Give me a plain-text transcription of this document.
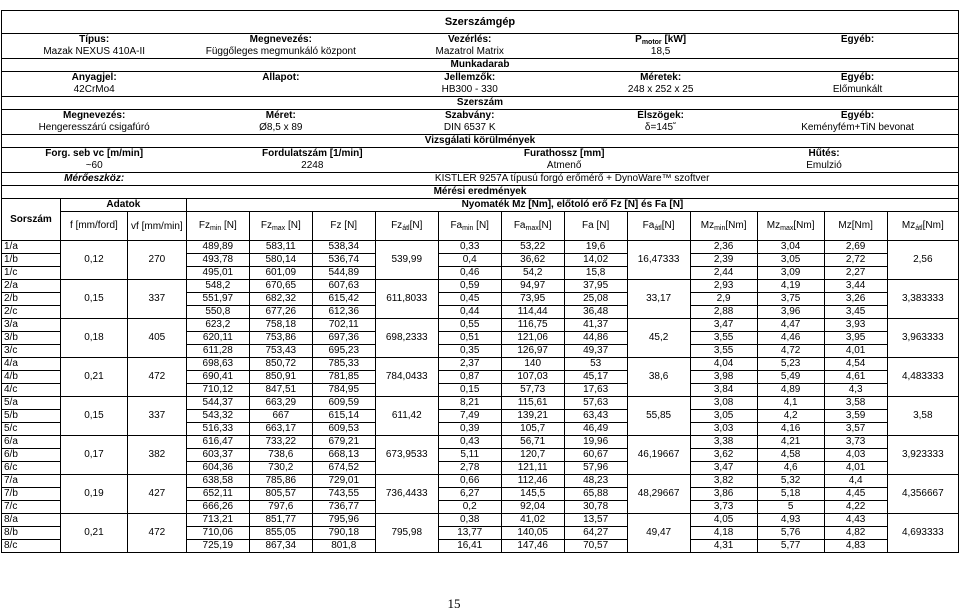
Szerszámgép														
Típus:			Megnevezés:			Vezérlés:			$P_{motor}$ [kW]			Egyéb:		
Mazak NEXUS 410A-II			Függőleges megmunkáló központ			Mazatrol Matrix			18,5					
Munkadarab														
Anyagjel:			Állapot:			Jellemzők:			Méretek:			Egyéb:		
42CrMo4						HB300 - 330			248 x 252 x 25			Előmunkált		
Szerszám														
Megnevezés:			Méret:			Szabvány:			Élszögek:			Egyéb:		
Hengeresszárú csigafúró			Ø8,5 x 89			DIN 6537 K			δ=145˚			Keményfém+TiN bevonat		
Vizsgálati körülmények														
Forg. seb vc [m/min]			Fordulatszám [1/min]				Furathossz [mm]				Hűtés:			
~60			2248				Átmenő				Emulzió			
Mérőeszköz:			KISTLER 9257A típusú forgó erőmérő + DynoWare™ szoftver											
Mérési eredmények														
Sorszám	Adatok		Nyomaték Mz [Nm], előtoló erő Fz [N] és Fa [N]											
	f [mm/ford]	vf [mm/min]	$Fz_{min}$ [N]	$Fz_{max}$ [N]	Fz [N]	$Fz_{átl}[N]$	$Fa_{min}$ [N]	$Fa_{max}[N]$	Fa [N]	$Fa_{átl}[N]$	$Mz_{min}[Nm]$	$Mz_{max}[Nm]$	Mz[Nm]	$Mz_{átl}[Nm]$
1/a	0,12	270	489,89	583,11	538,34	539,99	0,33	53,22	19,6	16,47333	2,36	3,04	2,69	2,56
1/b			493,78	580,14	536,74		0,4	36,62	14,02		2,39	3,05	2,72	
1/c			495,01	601,09	544,89		0,46	54,2	15,8		2,44	3,09	2,27	
2/a	0,15	337	548,2	670,65	607,63	611,8033	0,59	94,97	37,95	33,17	2,93	4,19	3,44	3,383333
2/b			551,97	682,32	615,42		0,45	73,95	25,08		2,9	3,75	3,26	
2/c			550,8	677,26	612,36		0,44	114,44	36,48		2,88	3,96	3,45	
3/a	0,18	405	623,2	758,18	702,11	698,2333	0,55	116,75	41,37	45,2	3,47	4,47	3,93	3,963333
3/b			620,11	753,86	697,36		0,51	121,06	44,86		3,55	4,46	3,95	
3/c			611,28	753,43	695,23		0,35	126,97	49,37		3,55	4,72	4,01	
4/a	0,21	472	698,63	850,72	785,33	784,0433	2,37	140	53	38,6	4,04	5,23	4,54	4,483333
4/b			690,41	850,91	781,85		0,87	107,03	45,17		3,98	5,49	4,61	
4/c			710,12	847,51	784,95		0,15	57,73	17,63		3,84	4,89	4,3	
5/a	0,15	337	544,37	663,29	609,59	611,42	8,21	115,61	57,63	55,85	3,08	4,1	3,58	3,58
5/b			543,32	667	615,14		7,49	139,21	63,43		3,05	4,2	3,59	
5/c			516,33	663,17	609,53		0,39	105,7	46,49		3,03	4,16	3,57	
6/a	0,17	382	616,47	733,22	679,21	673,9533	0,43	56,71	19,96	46,19667	3,38	4,21	3,73	3,923333
6/b			603,37	738,6	668,13		5,11	120,7	60,67		3,62	4,58	4,03	
6/c			604,36	730,2	674,52		2,78	121,11	57,96		3,47	4,6	4,01	
7/a	0,19	427	638,58	785,86	729,01	736,4433	0,66	112,46	48,23	48,29667	3,82	5,32	4,4	4,356667
7/b			652,11	805,57	743,55		6,27	145,5	65,88		3,86	5,18	4,45	
7/c			666,26	797,6	736,77		0,2	92,04	30,78		3,73	5	4,22	
8/a	0,21	472	713,21	851,77	795,96	795,98	0,38	41,02	13,57	49,47	4,05	4,93	4,43	4,693333
8/b			710,06	855,05	790,18		13,77	140,05	64,27		4,18	5,76	4,82	
8/c			725,19	867,34	801,8		16,41	147,46	70,57		4,31	5,77	4,83	
15
